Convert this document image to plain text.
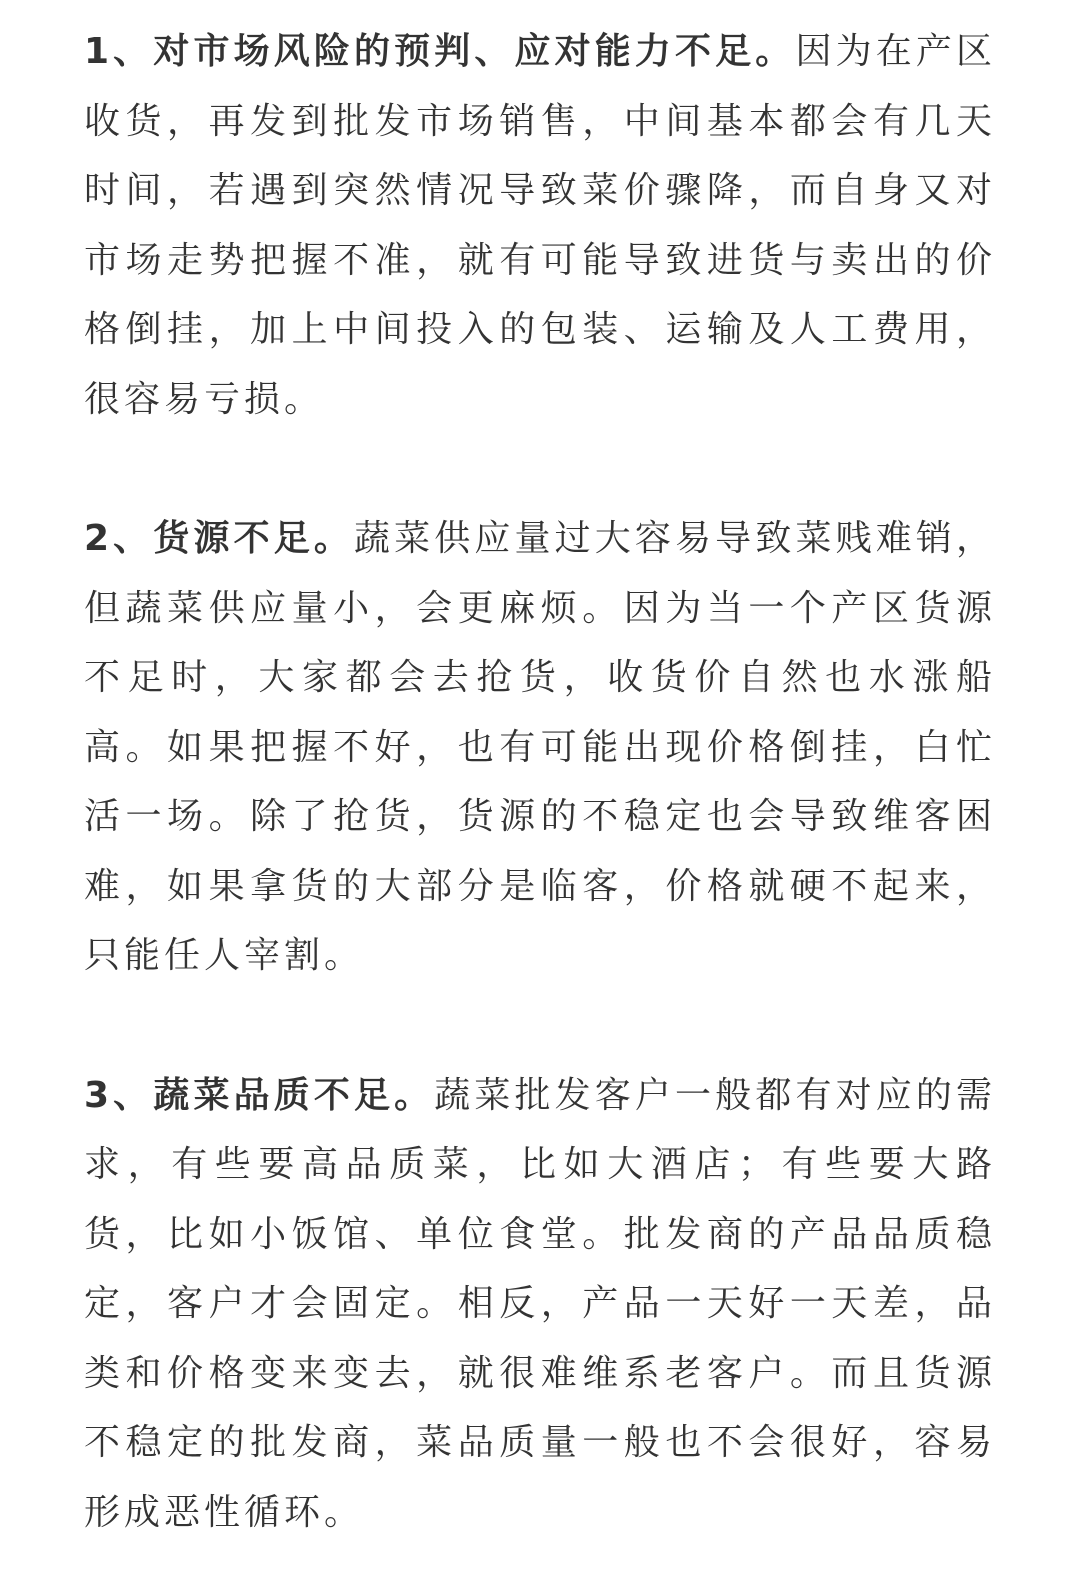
1、对市场风险的预判、应对能力不足。因为在产区收货，再发到批发市场销售，中间基本都会有几天时间，若遇到突然情况导致菜价骤降，而自身又对市场走势把握不准，就有可能导致进货与卖出的价格倒挂，加上中间投入的包装、运输及人工费用，很容易亏损。

2、货源不足。蔬菜供应量过大容易导致菜贱难销，但蔬菜供应量小，会更麻烦。因为当一个产区货源不足时，大家都会去抢货，收货价自然也水涨船高。如果把握不好，也有可能出现价格倒挂，白忙活一场。除了抢货，货源的不稳定也会导致维客困难，如果拿货的大部分是临客，价格就硬不起来，只能任人宰割。

3、蔬菜品质不足。蔬菜批发客户一般都有对应的需求，有些要高品质菜，比如大酒店；有些要大路货，比如小饭馆、单位食堂。批发商的产品品质稳定，客户才会固定。相反，产品一天好一天差，品类和价格变来变去，就很难维系老客户。而且货源不稳定的批发商，菜品质量一般也不会很好，容易形成恶性循环。
